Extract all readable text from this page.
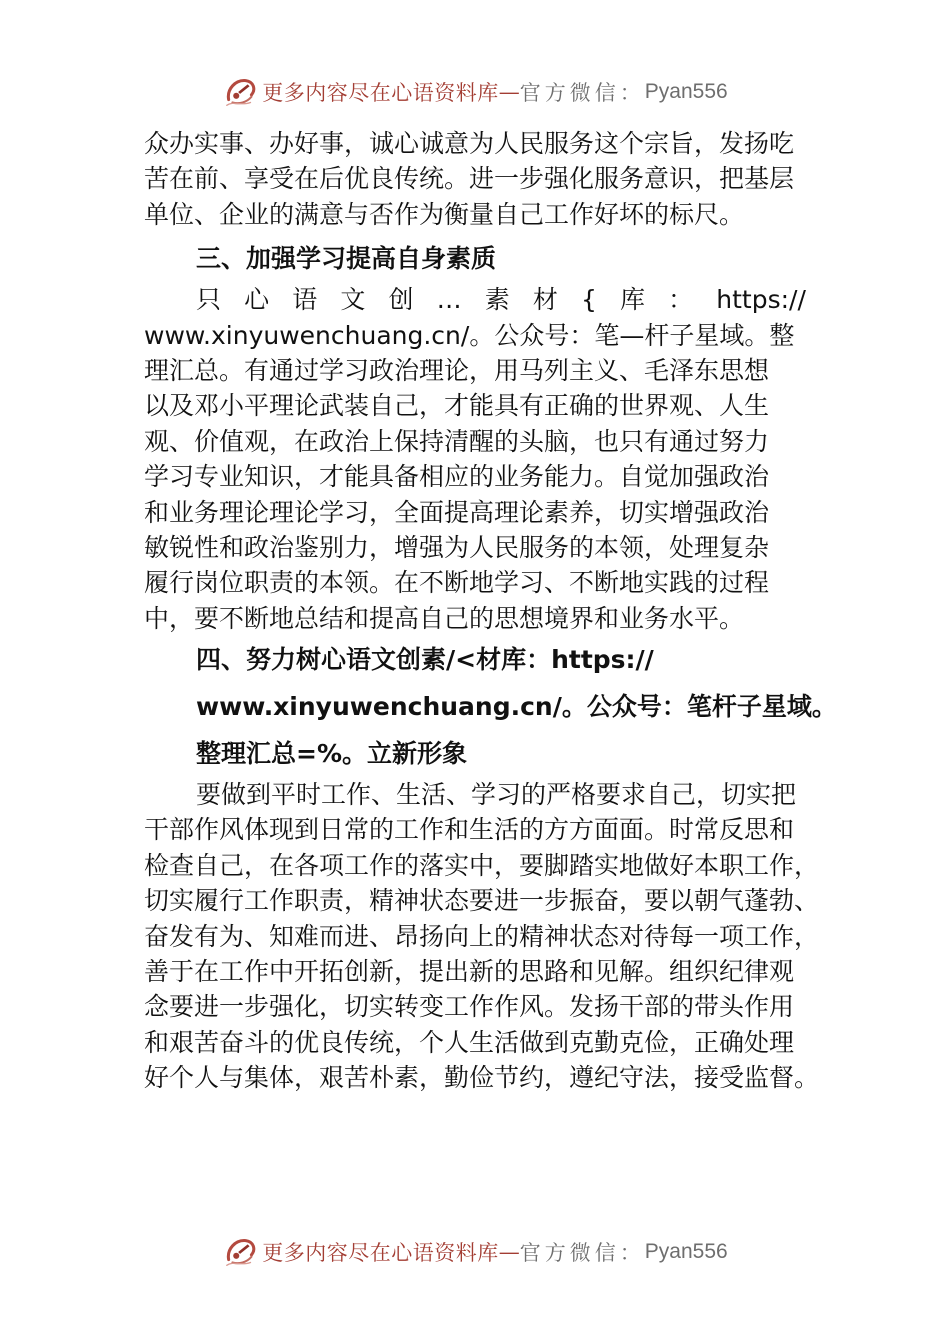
更多内容尽在心语资料库 — 官方微信： Pyan556
众办实事、办好事，诚心诚意为人民服务这个宗旨，发扬吃
苦在前、享受在后优良传统。进一步强化服务意识，把基层
单位、企业的满意与否作为衡量自己工作好坏的标尺。
三、加强学习提高自身素质
只 心 语 文 创 … 素 材 { 库 ： https://
www.xinyuwenchuang.cn/。公众号：笔—杆子星域。整
理汇总。有通过学习政治理论，用马列主义、毛泽东思想
以及邓小平理论武装自己，才能具有正确的世界观、人生
观、价值观，在政治上保持清醒的头脑，也只有通过努力
学习专业知识，才能具备相应的业务能力。自觉加强政治
和业务理论理论学习，全面提高理论素养，切实增强政治
敏锐性和政治鉴别力，增强为人民服务的本领，处理复杂
履行岗位职责的本领。在不断地学习、不断地实践的过程
中，要不断地总结和提高自己的思想境界和业务水平。
四、努力树心语文创素/<材库：https://
www.xinyuwenchuang.cn/。公众号：笔杆子星域。
整理汇总=%。立新形象
要做到平时工作、生活、学习的严格要求自己，切实把
干部作风体现到日常的工作和生活的方方面面。时常反思和
检查自己，在各项工作的落实中，要脚踏实地做好本职工作，
切实履行工作职责，精神状态要进一步振奋，要以朝气蓬勃、
奋发有为、知难而进、昂扬向上的精神状态对待每一项工作，
善于在工作中开拓创新，提出新的思路和见解。组织纪律观
念要进一步强化，切实转变工作作风。发扬干部的带头作用
和艰苦奋斗的优良传统，个人生活做到克勤克俭，正确处理
好个人与集体，艰苦朴素，勤俭节约，遵纪守法，接受监督。
更多内容尽在心语资料库 — 官方微信： Pyan556
